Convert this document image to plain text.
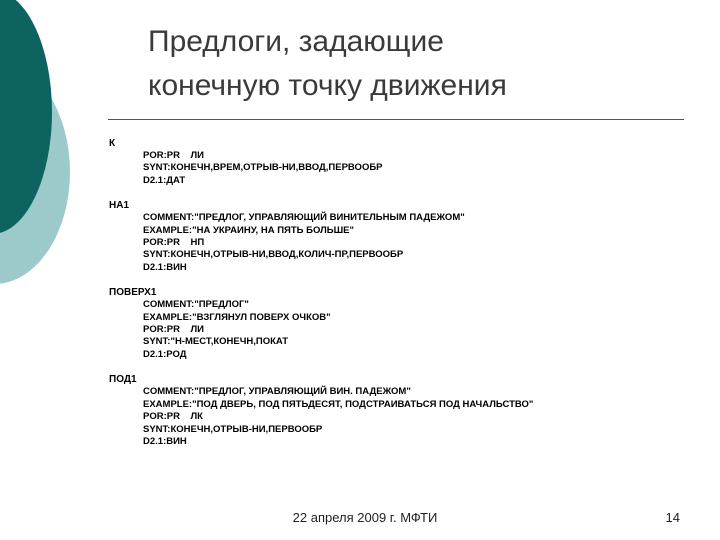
Предлоги, задающие
конечную точку движения
К
POR:PR    ЛИ
SYNT:КОНЕЧН,ВРЕМ,ОТРЫВ-НИ,ВВОД,ПЕРВООБР
D2.1:ДАТ
НА1
COMMENT:"ПРЕДЛОГ, УПРАВЛЯЮЩИЙ ВИНИТЕЛЬНЫМ ПАДЕЖОМ"
EXAMPLE:"НА УКРАИНУ, НА ПЯТЬ БОЛЬШЕ"
POR:PR    НП
SYNT:КОНЕЧН,ОТРЫВ-НИ,ВВОД,КОЛИЧ-ПР,ПЕРВООБР
D2.1:ВИН
ПОВЕРХ1
COMMENT:"ПРЕДЛОГ"
EXAMPLE:"ВЗГЛЯНУЛ ПОВЕРХ ОЧКОВ"
POR:PR    ЛИ
SYNT:"Н-МЕСТ,КОНЕЧН,ПОКАТ
D2.1:РОД
ПОД1
COMMENT:"ПРЕДЛОГ, УПРАВЛЯЮЩИЙ ВИН. ПАДЕЖОМ"
EXAMPLE:"ПОД ДВЕРЬ, ПОД ПЯТЬДЕСЯТ, ПОДСТРАИВАТЬСЯ ПОД НАЧАЛЬСТВО"
POR:PR    ЛК
SYNT:КОНЕЧН,ОТРЫВ-НИ,ПЕРВООБР
D2.1:ВИН
22 апреля 2009 г. МФТИ	14
